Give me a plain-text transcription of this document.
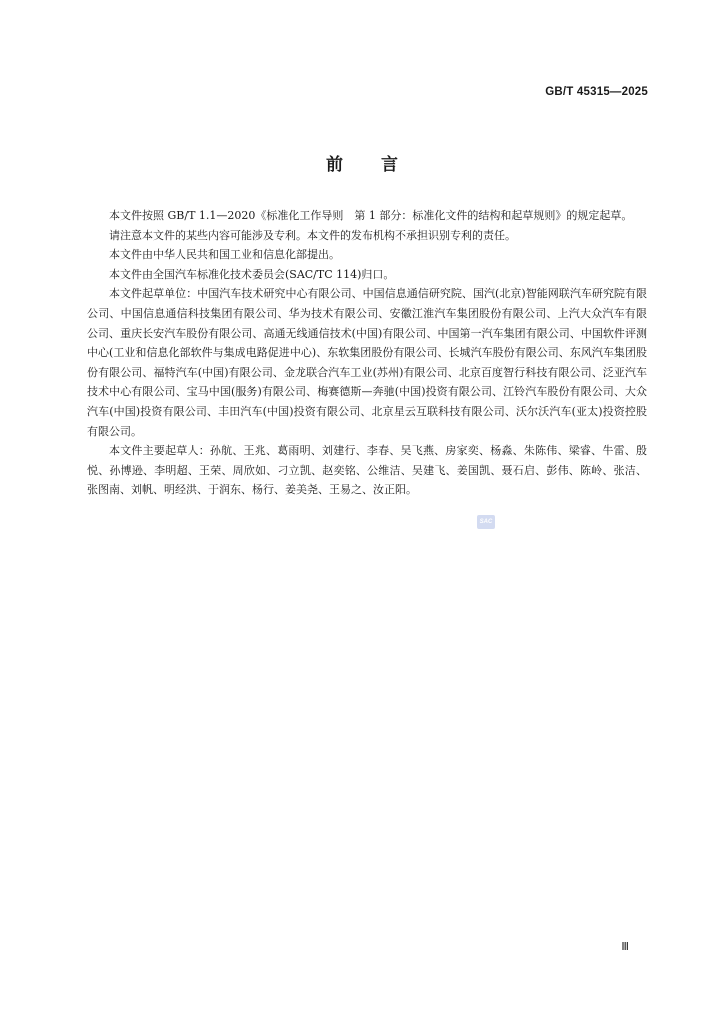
GB/T 45315—2025
前言

本文件按照 GB/T 1.1—2020《标准化工作导则　第 1 部分：标准化文件的结构和起草规则》的规定起草。

请注意本文件的某些内容可能涉及专利。本文件的发布机构不承担识别专利的责任。

本文件由中华人民共和国工业和信息化部提出。

本文件由全国汽车标准化技术委员会(SAC/TC 114)归口。

本文件起草单位：中国汽车技术研究中心有限公司、中国信息通信研究院、国汽(北京)智能网联汽车研究院有限公司、中国信息通信科技集团有限公司、华为技术有限公司、安徽江淮汽车集团股份有限公司、上汽大众汽车有限公司、重庆长安汽车股份有限公司、高通无线通信技术(中国)有限公司、中国第一汽车集团有限公司、中国软件评测中心(工业和信息化部软件与集成电路促进中心)、东软集团股份有限公司、长城汽车股份有限公司、东风汽车集团股份有限公司、福特汽车(中国)有限公司、金龙联合汽车工业(苏州)有限公司、北京百度智行科技有限公司、泛亚汽车技术中心有限公司、宝马中国(服务)有限公司、梅赛德斯—奔驰(中国)投资有限公司、江铃汽车股份有限公司、大众汽车(中国)投资有限公司、丰田汽车(中国)投资有限公司、北京星云互联科技有限公司、沃尔沃汽车(亚太)投资控股有限公司。

本文件主要起草人：孙航、王兆、葛雨明、刘建行、李春、吴飞燕、房家奕、杨淼、朱陈伟、梁睿、牛雷、殷悦、孙博逊、李明超、王荣、周欣如、刁立凯、赵奕铭、公维洁、吴建飞、姜国凯、聂石启、彭伟、陈岭、张洁、张图南、刘帆、明经洪、于润东、杨行、姜美尧、王易之、汝正阳。

SAC
Ⅲ
